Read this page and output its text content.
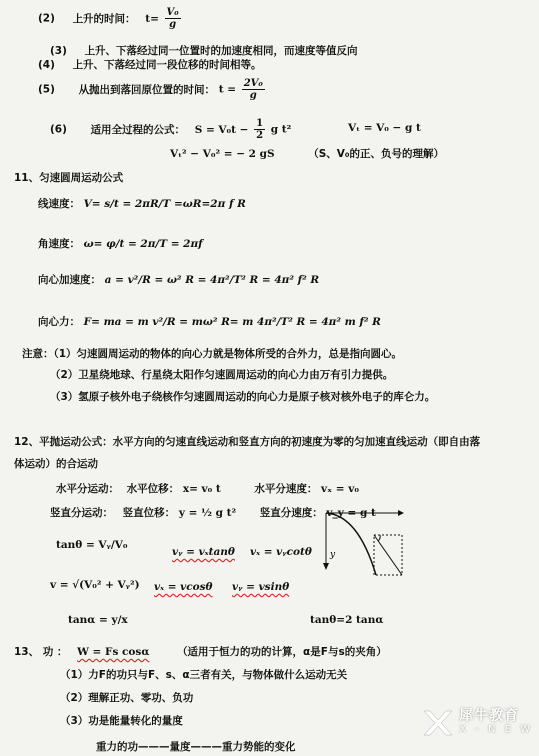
(2) 上升的时间： $t= \frac{\text{V₀}}{g}$
(3) 上升、下落经过同一位置时的加速度相同，而速度等值反向
(4) 上升、下落经过同一段位移的时间相等。
(5) 从抛出到落回原位置的时间： $t = \frac{\text{2V₀}}{g}$
(6) 适用全过程的公式： $S = V_0t - \frac{1}{2}$ g t²	Vₜ = V₀ − g t
Vₜ² − V₀² = − 2 gS	（S、V₀的正、负号的理解）
11、匀速圆周运动公式
线速度： V= s/t = 2πR/T =ωR=2π f R
角速度： ω= φ/t = 2π/T = 2πf
向心加速度： a = v²/R = ω² R = 4π²/T² R = 4π² f² R
向心力： F= ma = m v²/R = mω² R= m 4π²/T² R = 4π² m f² R
注意：（1）匀速圆周运动的物体的向心力就是物体所受的合外力，总是指向圆心。
（2）卫星绕地球、行星绕太阳作匀速圆周运动的向心力由万有引力提供。
（3）氢原子核外电子绕核作匀速圆周运动的向心力是原子核对核外电子的库仑力。
12、平抛运动公式：水平方向的匀速直线运动和竖直方向的初速度为零的匀加速直线运动（即自由落
体运动）的合运动
水平分运动： 水平位移： x= v₀ t	水平分速度： vₓ = v₀
竖直分运动： 竖直位移： y = ½ g t² 竖直分速度： v_y = g t
y
tanθ = Vᵧ/V₀
vᵧ = vₓtanθ vₓ = vᵧcotθ
v = √(V₀² + Vᵧ²) vₓ = vcosθ vᵧ = vsinθ
tanα = y/x	tanθ=2 tanα
13、 功 ： W = Fs cosα	（适用于恒力的功的计算，α是F与s的夹角）
（1）力F的功只与F、s、α三者有关，与物体做什么运动无关
（2）理解正功、零功、负功
（3）功是能量转化的量度
重力的功———量度———重力势能的变化
犀牛教育
X - N E W
